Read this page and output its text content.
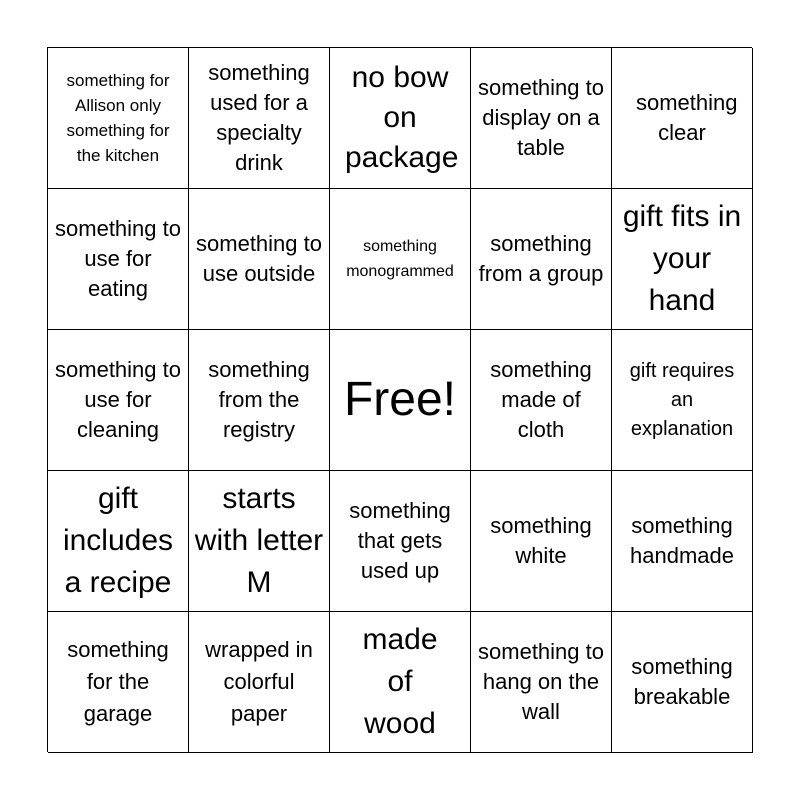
something for Allison only something for the kitchen
something used for a specialty drink
no bow on package
something to display on a table
something clear
something to use for eating
something to use outside
something monogrammed
something from a group
gift fits in your hand
something to use for cleaning
something from the registry
Free!
something made of cloth
gift requires an explanation
gift includes a recipe
starts with letter M
something that gets used up
something white
something handmade
something for the garage
wrapped in colorful paper
made of wood
something to hang on the wall
something breakable
